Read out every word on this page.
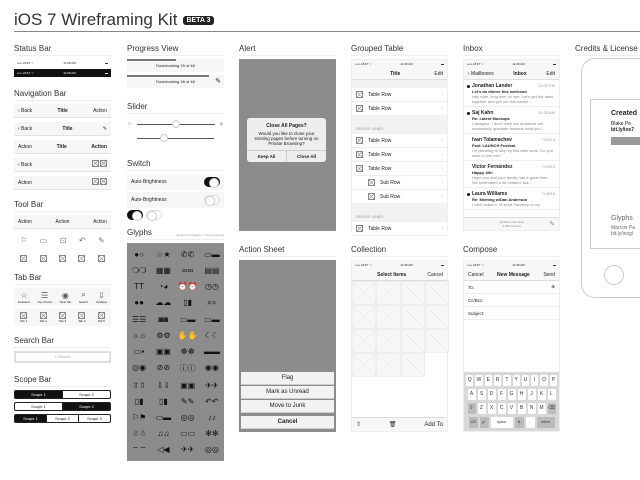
iOS 7 Wireframing Kit	BETA 3
Status Bar
••••• AT&T ⌔	11:08 AM	▬
••••• AT&T ⌔	11:08 AM	▬
Navigation Bar
‹ Back	Title	Action
‹ Back	Title	✎
Action	Title	Action
‹ Back

Action

Tool Bar
Action	Action	Action
⚐ ▭ ⊡ ↶ ✎
Tab Bar
☆
Featured
☰
Top Charts
◉
Near Me
⌕
Search
⇩
Updates
Tab 1	Tab 2	Tab 3	Tab 4	Tab 5
Search Bar
⌕ Search
Scope Bar
Scope 1	Scope 2
Scope 1	Scope 2
Scope 1	Scope 2	Scope 3
Progress View
Downloading 25 of 48
Downloading 38 of 48	✎
Slider
☼	☀
Switch
Auto-Brightness
Auto-Brightness
Glyphs	via Marcos Pagano - bit.ly/iosglyphs
●○	☆★	✆✆	▭▬
❍❍	▦▦	∞∞	▤▤
ΤΤ	◔◕	⏰⏰ ◷◷
●●	☁☁	▯▮	⌕⌕
☰☰	◙◙	▭▬	▭▬
☼☼	⚙⚙ ✋✋ ☾☾
▭▪	▣▣	☸☸	▬▬
◎◉	⊘⊘	ⓘⓘ	◉◉
⇧⇧	⇩⇩	▣▣	✈✈
▯▮	▯▮	✎✎	↶↶
⚐⚑	▭▬	◎◎	♪♪
☃☃	♫♫	▭▭	✻✻
⌔⌔	◁◀	✈✈	◎◎
Alert
Close All Pages?
Would you like to close your existing pages before turning on Private Browsing?
Keep All	Close All
Action Sheet
Flag
Mark as Unread
Move to Junk
Cancel
Grouped Table
••••• AT&T ⌔	11:08 AM	▬
Title	Edit
Table Row	›
Table Row	›
GROUP LABEL
Table Row	›
Table Row	›
Table Row	›
Sub Row	›
Sub Row	›
GROUP LABEL
Table Row	›
Collection
••••• AT&T ⌔	11:08 AM	▬
Select Items	Cancel
⇧	🗑	Add To
Inbox
••••• AT&T ⌔	11:08 AM	▬
‹ Mailboxes	Inbox	Edit
Jonathan Lander	12:05 PM
Let's do dinner this weekend
Hey man, long time no see. Let's get the fams together and grill out this weeke...
Saj Kahn	10:30 AM
Re: Latest Mockups
I disagree. I don't think our audience will necessarily gravitate towards what you...
Ivan Tolamachev	7/20/13
Fwd: LAUNCH Festival
I'm planning to stop by this after work. Do you want to join me?
Victor Fernández	7/19/13
Happy 4th!
Hope you and your family had a great time. We celebrated a bit belated, but...
Laura Williams	7/18/13
Re: Meeting w/Dan Anderson
I can't make it. I'll send Sandeep in my
Updated Just Now
2,956 Unread	✎
Compose
••••• AT&T ⌔	11:08 AM	▬
Cancel	New Message	Send
To:	⊕
Cc/Bcc:
Subject:
Q W	E	R	T	Y	U	I	O	P
A	S	D	F	G	H	J	K	L
⇧	Z	X	C	V	B	N	M ⌫
123	🎤	space	⊕	.	return
Credits & License
Created
Blake Pe
bit.ly/ios7
Glyphs
Marcos Pa
bit.ly/iosgl
